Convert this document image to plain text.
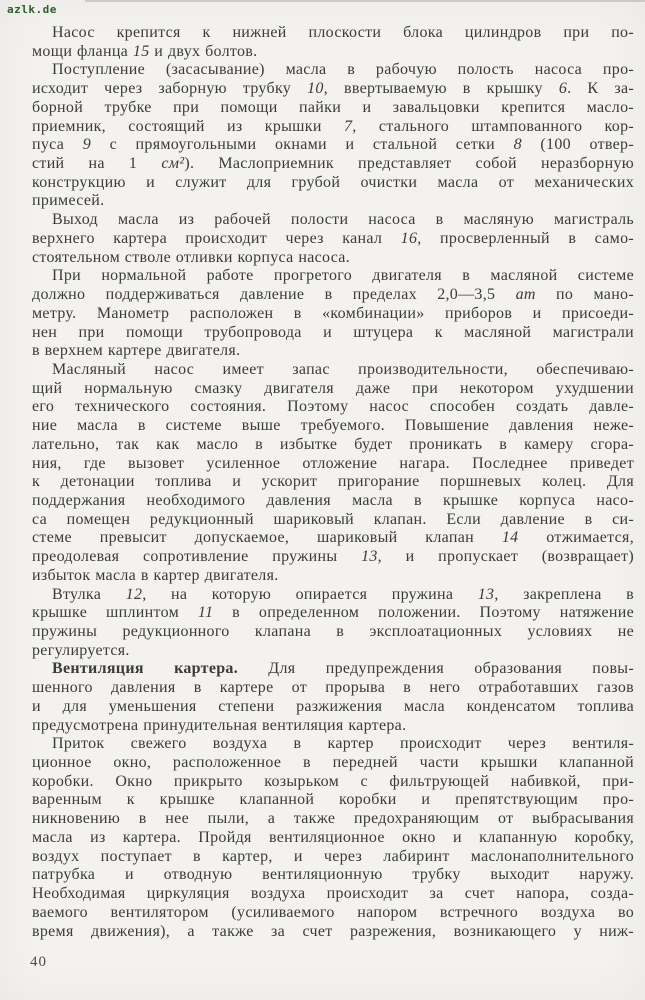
azlk.de

Насос крепится к нижней плоскости блока цилиндров при по-
мощи фланца 15 и двух болтов.

Поступление (засасывание) масла в рабочую полость насоса про-
исходит через заборную трубку 10, ввертываемую в крышку 6. К за-
борной трубке при помощи пайки и завальцовки крепится масло-
приемник, состоящий из крышки 7, стального штампованного кор-
пуса 9 с прямоугольными окнами и стальной сетки 8 (100 отвер-
стий на 1 см²). Маслоприемник представляет собой неразборную
конструкцию и служит для грубой очистки масла от механических
примесей.

Выход масла из рабочей полости насоса в масляную магистраль
верхнего картера происходит через канал 16, просверленный в само-
стоятельном стволе отливки корпуса насоса.

При нормальной работе прогретого двигателя в масляной системе
должно поддерживаться давление в пределах 2,0—3,5 ат по мано-
метру. Манометр расположен в «комбинации» приборов и присоеди-
нен при помощи трубопровода и штуцера к масляной магистрали
в верхнем картере двигателя.

Масляный насос имеет запас производительности, обеспечиваю-
щий нормальную смазку двигателя даже при некотором ухудшении
его технического состояния. Поэтому насос способен создать давле-
ние масла в системе выше требуемого. Повышение давления неже-
лательно, так как масло в избытке будет проникать в камеру сгора-
ния, где вызовет усиленное отложение нагара. Последнее приведет
к детонации топлива и ускорит пригорание поршневых колец. Для
поддержания необходимого давления масла в крышке корпуса насо-
са помещен редукционный шариковый клапан. Если давление в си-
стеме превысит допускаемое, шариковый клапан 14 отжимается,
преодолевая сопротивление пружины 13, и пропускает (возвращает)
избыток масла в картер двигателя.

Втулка 12, на которую опирается пружина 13, закреплена в
крышке шплинтом 11 в определенном положении. Поэтому натяжение
пружины редукционного клапана в эксплоатационных условиях не
регулируется.

Вентиляция картера. Для предупреждения образования повы-
шенного давления в картере от прорыва в него отработавших газов
и для уменьшения степени разжижения масла конденсатом топлива
предусмотрена принудительная вентиляция картера.

Приток свежего воздуха в картер происходит через вентиля-
ционное окно, расположенное в передней части крышки клапанной
коробки. Окно прикрыто козырьком с фильтрующей набивкой, при-
варенным к крышке клапанной коробки и препятствующим про-
никновению в нее пыли, а также предохраняющим от выбрасывания
масла из картера. Пройдя вентиляционное окно и клапанную коробку,
воздух поступает в картер, и через лабиринт маслонаполнительного
патрубка и отводную вентиляционную трубку выходит наружу.
Необходимая циркуляция воздуха происходит за счет напора, созда-
ваемого вентилятором (усиливаемого напором встречного воздуха во
время движения), а также за счет разрежения, возникающего у ниж-

40
